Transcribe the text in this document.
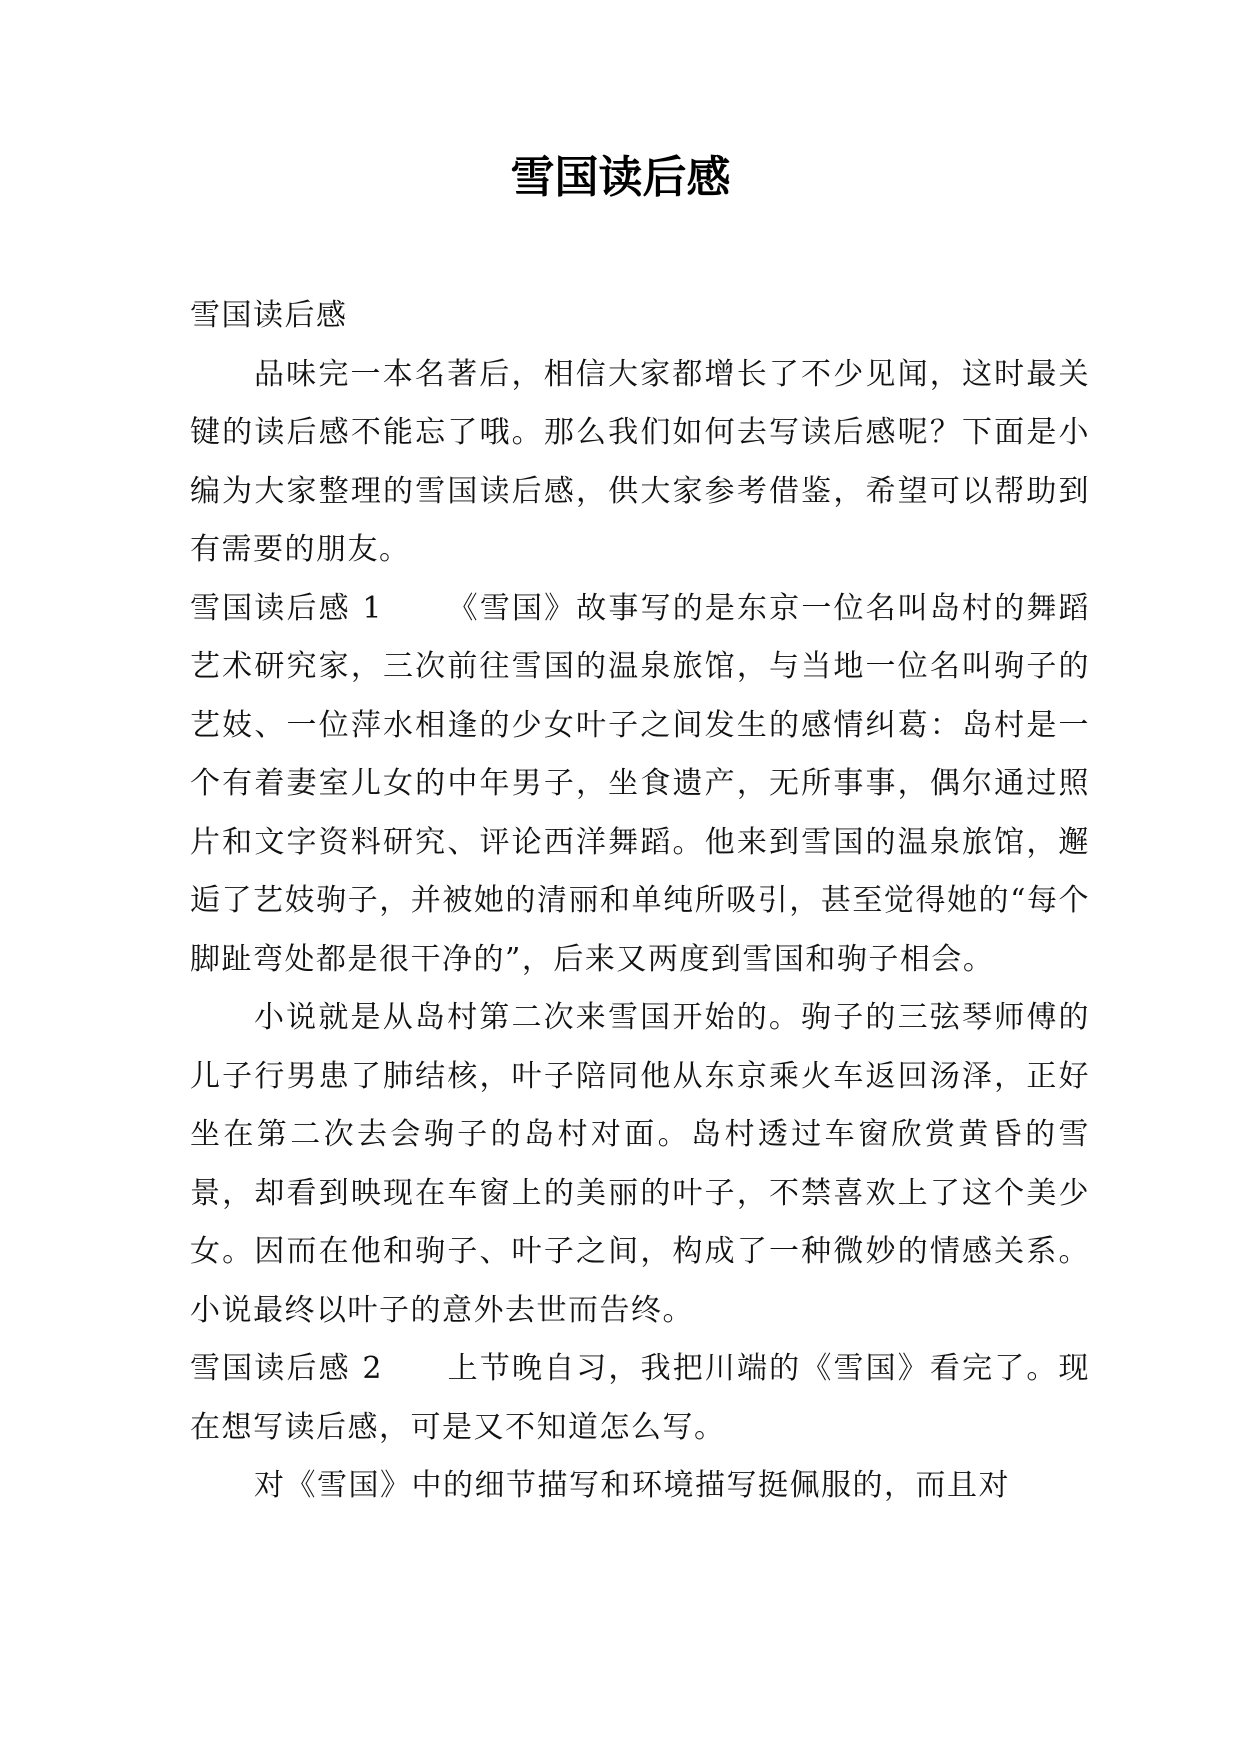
雪国读后感

雪国读后感

品味完一本名著后，相信大家都增长了不少见闻，这时最关键的读后感不能忘了哦。那么我们如何去写读后感呢？下面是小编为大家整理的雪国读后感，供大家参考借鉴，希望可以帮助到有需要的朋友。

雪国读后感 1 《雪国》故事写的是东京一位名叫岛村的舞蹈艺术研究家，三次前往雪国的温泉旅馆，与当地一位名叫驹子的艺妓、一位萍水相逢的少女叶子之间发生的感情纠葛：岛村是一个有着妻室儿女的中年男子，坐食遗产，无所事事，偶尔通过照片和文字资料研究、评论西洋舞蹈。他来到雪国的温泉旅馆，邂逅了艺妓驹子，并被她的清丽和单纯所吸引，甚至觉得她的“每个脚趾弯处都是很干净的”，后来又两度到雪国和驹子相会。

小说就是从岛村第二次来雪国开始的。驹子的三弦琴师傅的儿子行男患了肺结核，叶子陪同他从东京乘火车返回汤泽，正好坐在第二次去会驹子的岛村对面。岛村透过车窗欣赏黄昏的雪景，却看到映现在车窗上的美丽的叶子，不禁喜欢上了这个美少女。因而在他和驹子、叶子之间，构成了一种微妙的情感关系。小说最终以叶子的意外去世而告终。

雪国读后感 2 上节晚自习，我把川端的《雪国》看完了。现在想写读后感，可是又不知道怎么写。

对《雪国》中的细节描写和环境描写挺佩服的，而且对
